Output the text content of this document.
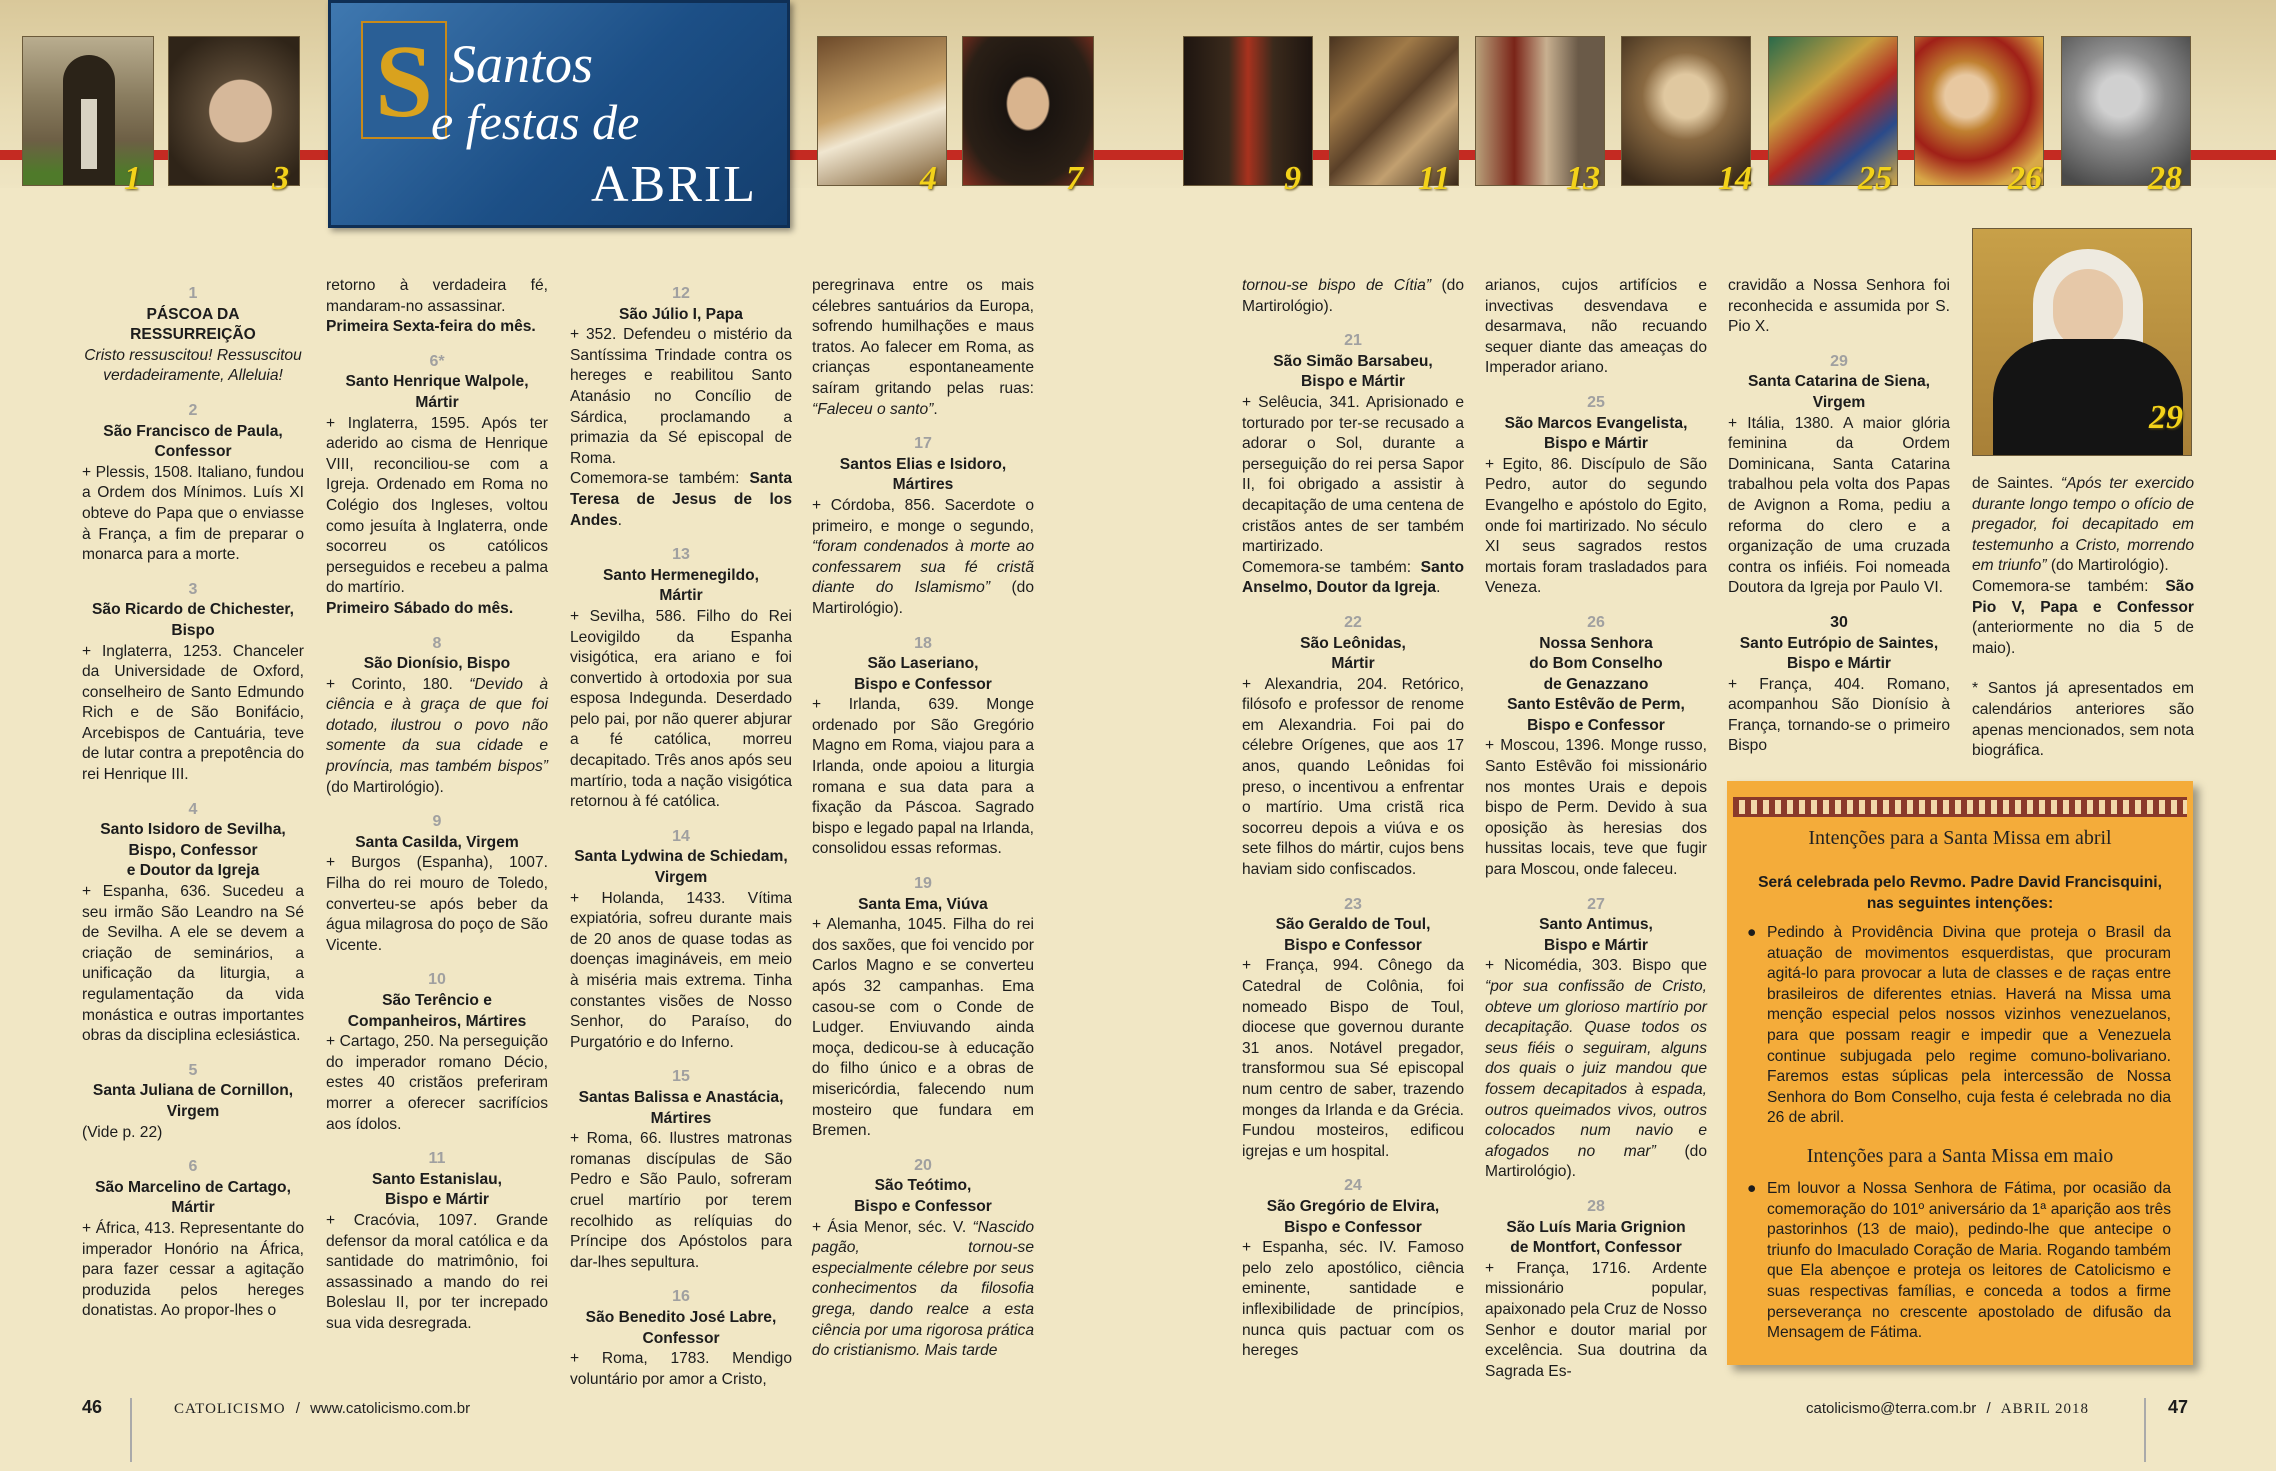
1	3	4	7	9	11	13	14	25	26	28
S Santos
e festas de
ABRIL
1
PÁSCOA DA RESSURREIÇÃO

Cristo ressuscitou! Ressuscitou verdadeiramente, Alleluia!

2
São Francisco de Paula,
Confessor

+ Plessis, 1508. Italiano, fundou a Ordem dos Mínimos. Luís XI obteve do Papa que o enviasse à França, a fim de preparar o monarca para a morte.

3
São Ricardo de Chichester,
Bispo

+ Inglaterra, 1253. Chanceler da Universidade de Oxford, conselheiro de Santo Edmundo Rich e de São Bonifácio, Arcebispos de Cantuária, teve de lutar contra a prepotência do rei Henrique III.

4
Santo Isidoro de Sevilha,
Bispo, Confessor
e Doutor da Igreja

+ Espanha, 636. Sucedeu a seu irmão São Leandro na Sé de Sevilha. A ele se devem a criação de seminários, a unificação da liturgia, a regulamentação da vida monástica e outras importantes obras da disciplina eclesiástica.

5
Santa Juliana de Cornillon,
Virgem

(Vide p. 22)

6
São Marcelino de Cartago,
Mártir

+ África, 413. Representante do imperador Honório na África, para fazer cessar a agitação produzida pelos hereges donatistas. Ao propor-lhes o

retorno à verdadeira fé, mandaram-no assassinar.

Primeira Sexta-feira do mês.

6*
Santo Henrique Walpole,
Mártir

+ Inglaterra, 1595. Após ter aderido ao cisma de Henrique VIII, reconciliou-se com a Igreja. Ordenado em Roma no Colégio dos Ingleses, voltou como jesuíta à Inglaterra, onde socorreu os católicos perseguidos e recebeu a palma do martírio.

Primeiro Sábado do mês.

8
São Dionísio, Bispo

+ Corinto, 180. “Devido à ciência e à graça de que foi dotado, ilustrou o povo não somente da sua cidade e província, mas também bispos” (do Martirológio).

9
Santa Casilda, Virgem

+ Burgos (Espanha), 1007. Filha do rei mouro de Toledo, converteu-se após beber da água milagrosa do poço de São Vicente.

10
São Terêncio e
Companheiros, Mártires

+ Cartago, 250. Na perseguição do imperador romano Décio, estes 40 cristãos preferiram morrer a oferecer sacrifícios aos ídolos.

11
Santo Estanislau,
Bispo e Mártir

+ Cracóvia, 1097. Grande defensor da moral católica e da santidade do matrimônio, foi assassinado a mando do rei Boleslau II, por ter increpado sua vida desregrada.

12
São Júlio I, Papa

+ 352. Defendeu o mistério da Santíssima Trindade contra os hereges e reabilitou Santo Atanásio no Concílio de Sárdica, proclamando a primazia da Sé episcopal de Roma.

Comemora-se também: Santa Teresa de Jesus de los Andes.

13
Santo Hermenegildo,
Mártir

+ Sevilha, 586. Filho do Rei Leovigildo da Espanha visigótica, era ariano e foi convertido à ortodoxia por sua esposa Indegunda. Deserdado pelo pai, por não querer abjurar a fé católica, morreu decapitado. Três anos após seu martírio, toda a nação visigótica retornou à fé católica.

14
Santa Lydwina de Schiedam,
Virgem

+ Holanda, 1433. Vítima expiatória, sofreu durante mais de 20 anos de quase todas as doenças imagináveis, em meio à miséria mais extrema. Tinha constantes visões de Nosso Senhor, do Paraíso, do Purgatório e do Inferno.

15
Santas Balissa e Anastácia,
Mártires

+ Roma, 66. Ilustres matronas romanas discípulas de São Pedro e São Paulo, sofreram cruel martírio por terem recolhido as relíquias do Príncipe dos Apóstolos para dar-lhes sepultura.

16
São Benedito José Labre,
Confessor

+ Roma, 1783. Mendigo voluntário por amor a Cristo,

peregrinava entre os mais célebres santuários da Europa, sofrendo humilhações e maus tratos. Ao falecer em Roma, as crianças espontaneamente saíram gritando pelas ruas: “Faleceu o santo”.

17
Santos Elias e Isidoro,
Mártires

+ Córdoba, 856. Sacerdote o primeiro, e monge o segundo, “foram condenados à morte ao confessarem sua fé cristã diante do Islamismo” (do Martirológio).

18
São Laseriano,
Bispo e Confessor

+ Irlanda, 639. Monge ordenado por São Gregório Magno em Roma, viajou para a Irlanda, onde apoiou a liturgia romana e sua data para a fixação da Páscoa. Sagrado bispo e legado papal na Irlanda, consolidou essas reformas.

19
Santa Ema, Viúva

+ Alemanha, 1045. Filha do rei dos saxões, que foi vencido por Carlos Magno e se converteu após 32 campanhas. Ema casou-se com o Conde de Ludger. Enviuvando ainda moça, dedicou-se à educação do filho único e a obras de misericórdia, falecendo num mosteiro que fundara em Bremen.

20
São Teótimo,
Bispo e Confessor

+ Ásia Menor, séc. V. “Nascido pagão, tornou-se especialmente célebre por seus conhecimentos da filosofia grega, dando realce a esta ciência por uma rigorosa prática do cristianismo. Mais tarde

tornou-se bispo de Cítia” (do Martirológio).

21
São Simão Barsabeu,
Bispo e Mártir

+ Selêucia, 341. Aprisionado e torturado por ter-se recusado a adorar o Sol, durante a perseguição do rei persa Sapor II, foi obrigado a assistir à decapitação de uma centena de cristãos antes de ser também martirizado.

Comemora-se também: Santo Anselmo, Doutor da Igreja.

22
São Leônidas,
Mártir

+ Alexandria, 204. Retórico, filósofo e professor de renome em Alexandria. Foi pai do célebre Orígenes, que aos 17 anos, quando Leônidas foi preso, o incentivou a enfrentar o martírio. Uma cristã rica socorreu depois a viúva e os sete filhos do mártir, cujos bens haviam sido confiscados.

23
São Geraldo de Toul,
Bispo e Confessor

+ França, 994. Cônego da Catedral de Colônia, foi nomeado Bispo de Toul, diocese que governou durante 31 anos. Notável pregador, transformou sua Sé episcopal num centro de saber, trazendo monges da Irlanda e da Grécia. Fundou mosteiros, edificou igrejas e um hospital.

24
São Gregório de Elvira,
Bispo e Confessor

+ Espanha, séc. IV. Famoso pelo zelo apostólico, ciência eminente, santidade e inflexibilidade de princípios, nunca quis pactuar com os hereges

arianos, cujos artifícios e invectivas desvendava e desarmava, não recuando sequer diante das ameaças do Imperador ariano.

25
São Marcos Evangelista,
Bispo e Mártir

+ Egito, 86. Discípulo de São Pedro, autor do segundo Evangelho e apóstolo do Egito, onde foi martirizado. No século XI seus sagrados restos mortais foram trasladados para Veneza.

26
Nossa Senhora
do Bom Conselho
de Genazzano
Santo Estêvão de Perm,
Bispo e Confessor

+ Moscou, 1396. Monge russo, Santo Estêvão foi missionário nos montes Urais e depois bispo de Perm. Devido à sua oposição às heresias dos hussitas locais, teve que fugir para Moscou, onde faleceu.

27
Santo Antimus,
Bispo e Mártir

+ Nicomédia, 303. Bispo que “por sua confissão de Cristo, obteve um glorioso martírio por decapitação. Quase todos os seus fiéis o seguiram, alguns dos quais o juiz mandou que fossem decapitados à espada, outros queimados vivos, outros colocados num navio e afogados no mar” (do Martirológio).

28
São Luís Maria Grignion
de Montfort, Confessor

+ França, 1716. Ardente missionário popular, apaixonado pela Cruz de Nosso Senhor e doutor marial por excelência. Sua doutrina da Sagrada Es-

cravidão a Nossa Senhora foi reconhecida e assumida por S. Pio X.

29
Santa Catarina de Siena,
Virgem

+ Itália, 1380. A maior glória feminina da Ordem Dominicana, Santa Catarina trabalhou pela volta dos Papas de Avignon a Roma, pediu a reforma do clero e a organização de uma cruzada contra os infiéis. Foi nomeada Doutora da Igreja por Paulo VI.

30
Santo Eutrópio de Saintes,
Bispo e Mártir

+ França, 404. Romano, acompanhou São Dionísio à França, tornando-se o primeiro Bispo

29

de Saintes. “Após ter exercido durante longo tempo o ofício de pregador, foi decapitado em testemunho a Cristo, morrendo em triunfo” (do Martirológio).

Comemora-se também: São Pio V, Papa e Confessor (anteriormente no dia 5 de maio).

* Santos já apresentados em calendários anteriores são apenas mencionados, sem nota biográfica.

Intenções para a Santa Missa em abril
Será celebrada pelo Revmo. Padre David Francisquini, nas seguintes intenções:
● Pedindo à Providência Divina que proteja o Brasil da atuação de movimentos esquerdistas, que procuram agitá-lo para provocar a luta de classes e de raças entre brasileiros de diferentes etnias. Haverá na Missa uma menção especial pelos nossos vizinhos venezuelanos, para que possam reagir e impedir que a Venezuela continue subjugada pelo regime comuno-bolivariano. Faremos estas súplicas pela intercessão de Nossa Senhora do Bom Conselho, cuja festa é celebrada no dia 26 de abril.
Intenções para a Santa Missa em maio
● Em louvor a Nossa Senhora de Fátima, por ocasião da comemoração do 101º aniversário da 1ª aparição aos três pastorinhos (13 de maio), pedindo-lhe que antecipe o triunfo do Imaculado Coração de Maria. Rogando também que Ela abençoe e proteja os leitores de Catolicismo e suas respectivas famílias, e conceda a todos a firme perseverança no crescente apostolado de difusão da Mensagem de Fátima.
46	CATOLICISMO / www.catolicismo.com.br	catolicismo@terra.com.br / ABRIL 2018	47
